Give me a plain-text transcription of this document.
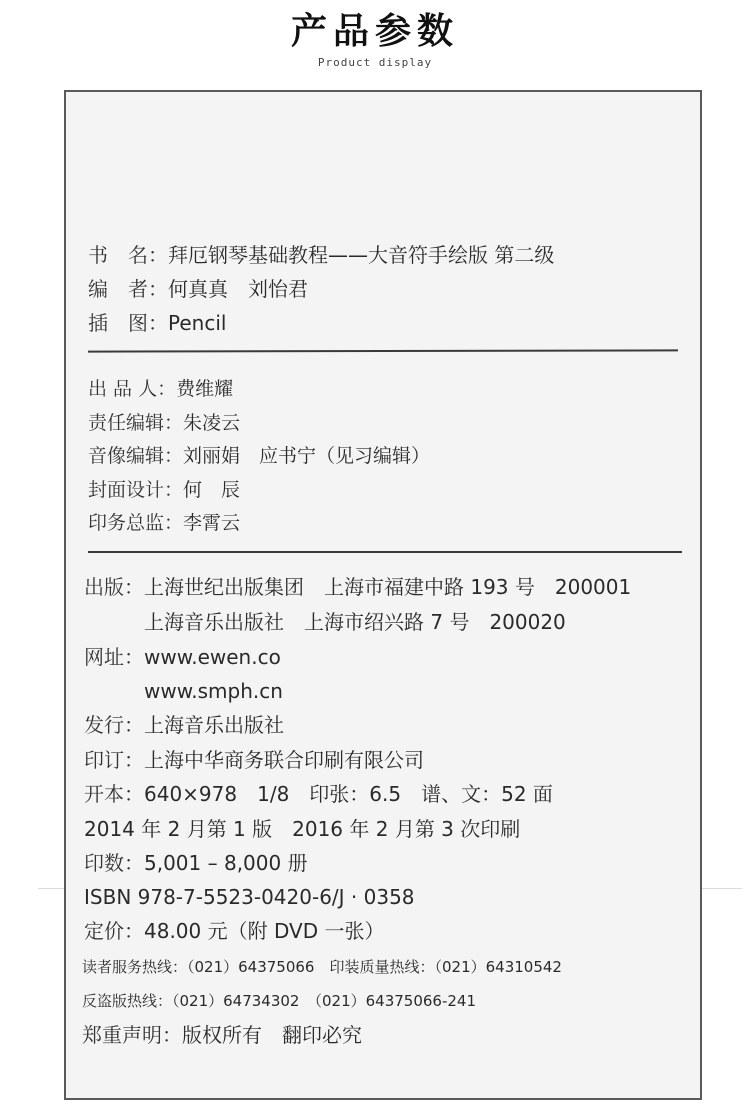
产品参数
Product display
书　名：拜厄钢琴基础教程——大音符手绘版 第二级
编　者：何真真　刘怡君
插　图：Pencil
出 品 人：费维耀
责任编辑：朱凌云
音像编辑：刘丽娟　应书宁（见习编辑）
封面设计：何　辰
印务总监：李霄云
出版：上海世纪出版集团　上海市福建中路 193 号　200001
上海音乐出版社　上海市绍兴路 7 号　200020
网址：www.ewen.co
www.smph.cn
发行：上海音乐出版社
印订：上海中华商务联合印刷有限公司
开本：640×978　1/8　印张：6.5　谱、文：52 面
2014 年 2 月第 1 版　2016 年 2 月第 3 次印刷
印数：5,001 – 8,000 册
ISBN 978-7-5523-0420-6/J · 0358
定价：48.00 元（附 DVD 一张）
读者服务热线：（021）64375066　印装质量热线：（021）64310542
反盗版热线：（021）64734302　（021）64375066-241
郑重声明：版权所有　翻印必究
